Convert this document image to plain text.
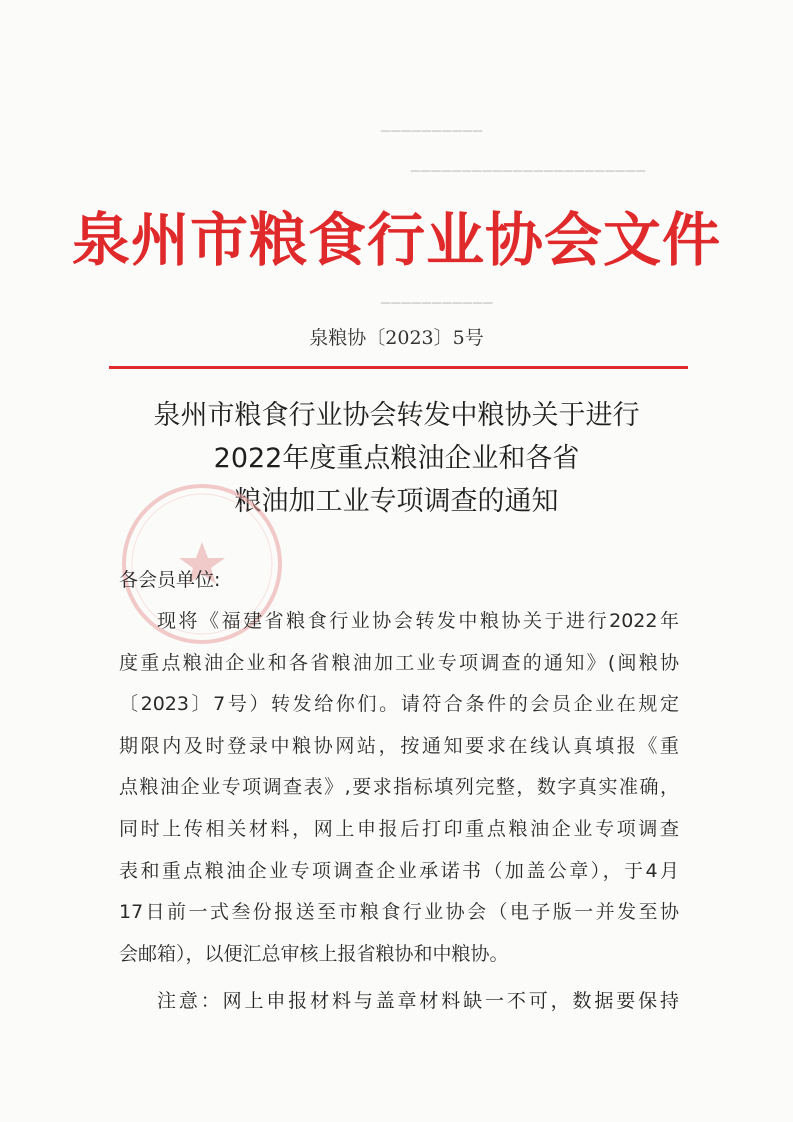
▁▁▁▁▁▁▁▁▁▁
▁▁▁▁▁▁▁▁▁▁▁▁▁▁▁▁▁▁▁▁▁▁▁
▁▁▁▁▁▁▁▁▁▁▁
泉州市粮食行业协会文件
泉粮协〔2023〕5号
泉州市粮食行业协会转发中粮协关于进行
2022年度重点粮油企业和各省
粮油加工业专项调查的通知
各会员单位:
现将《福建省粮食行业协会转发中粮协关于进行2022年
度重点粮油企业和各省粮油加工业专项调查的通知》(闽粮协
〔2023〕7号）转发给你们。请符合条件的会员企业在规定
期限内及时登录中粮协网站，按通知要求在线认真填报《重
点粮油企业专项调查表》,要求指标填列完整，数字真实准确，
同时上传相关材料，网上申报后打印重点粮油企业专项调查
表和重点粮油企业专项调查企业承诺书（加盖公章），于4月
17日前一式叁份报送至市粮食行业协会（电子版一并发至协
会邮箱），以便汇总审核上报省粮协和中粮协。
注意：网上申报材料与盖章材料缺一不可，数据要保持
